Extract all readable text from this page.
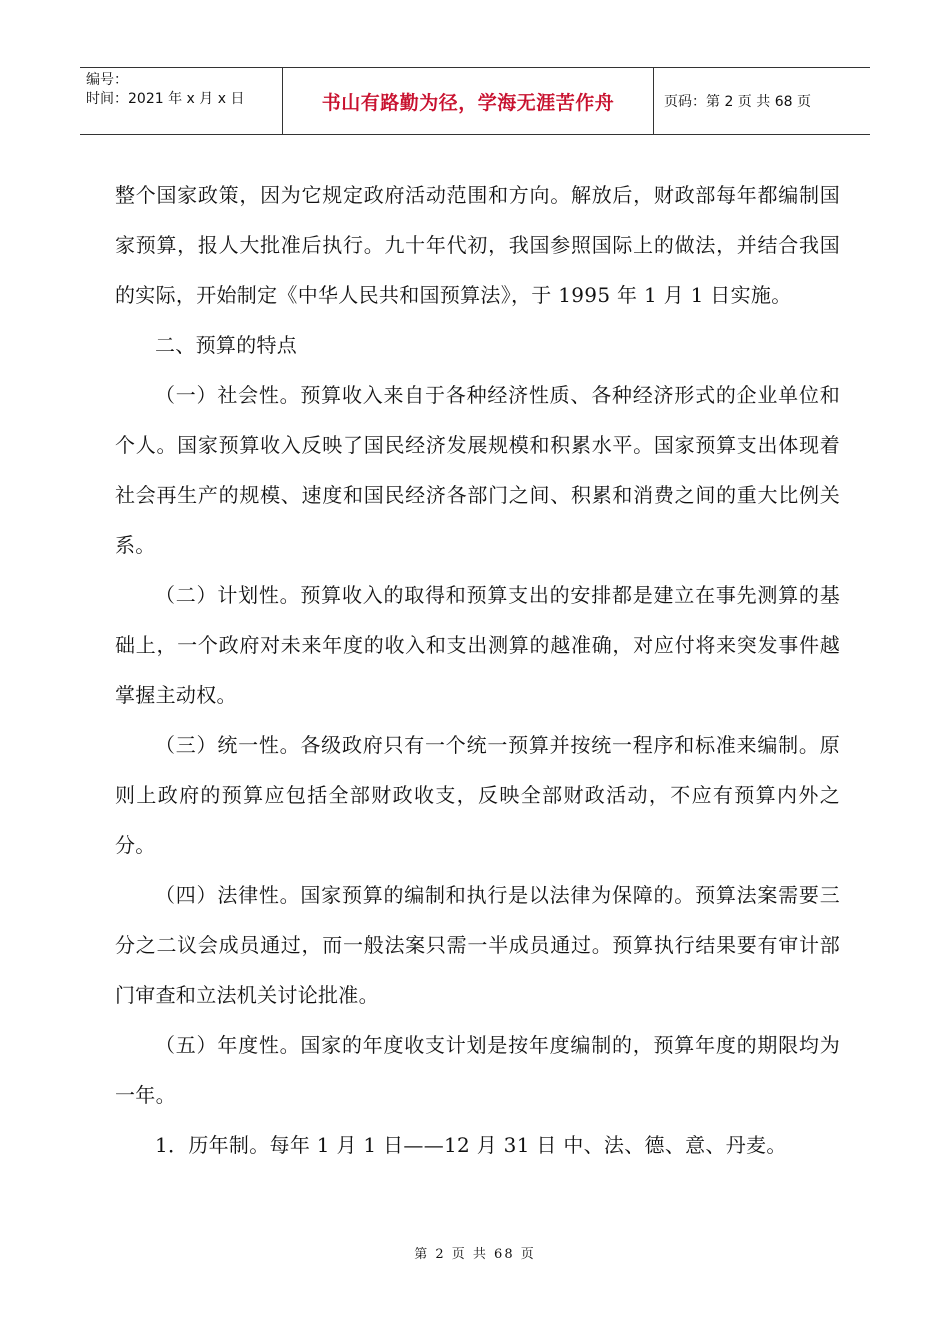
编号：
时间：2021 年 x 月 x 日	书山有路勤为径，学海无涯苦作舟	页码：第 2 页 共 68 页

整个国家政策，因为它规定政府活动范围和方向。解放后，财政部每年都编制国家预算，报人大批准后执行。九十年代初，我国参照国际上的做法，并结合我国的实际，开始制定《中华人民共和国预算法》，于 1995 年 1 月 1 日实施。

二、预算的特点

（一）社会性。预算收入来自于各种经济性质、各种经济形式的企业单位和个人。国家预算收入反映了国民经济发展规模和积累水平。国家预算支出体现着社会再生产的规模、速度和国民经济各部门之间、积累和消费之间的重大比例关系。

（二）计划性。预算收入的取得和预算支出的安排都是建立在事先测算的基础上，一个政府对未来年度的收入和支出测算的越准确，对应付将来突发事件越掌握主动权。

（三）统一性。各级政府只有一个统一预算并按统一程序和标准来编制。原则上政府的预算应包括全部财政收支，反映全部财政活动，不应有预算内外之分。

（四）法律性。国家预算的编制和执行是以法律为保障的。预算法案需要三分之二议会成员通过，而一般法案只需一半成员通过。预算执行结果要有审计部门审查和立法机关讨论批准。

（五）年度性。国家的年度收支计划是按年度编制的，预算年度的期限均为一年。

1．历年制。每年 1 月 1 日——12 月 31 日 中、法、德、意、丹麦。

第 2 页 共 68 页
